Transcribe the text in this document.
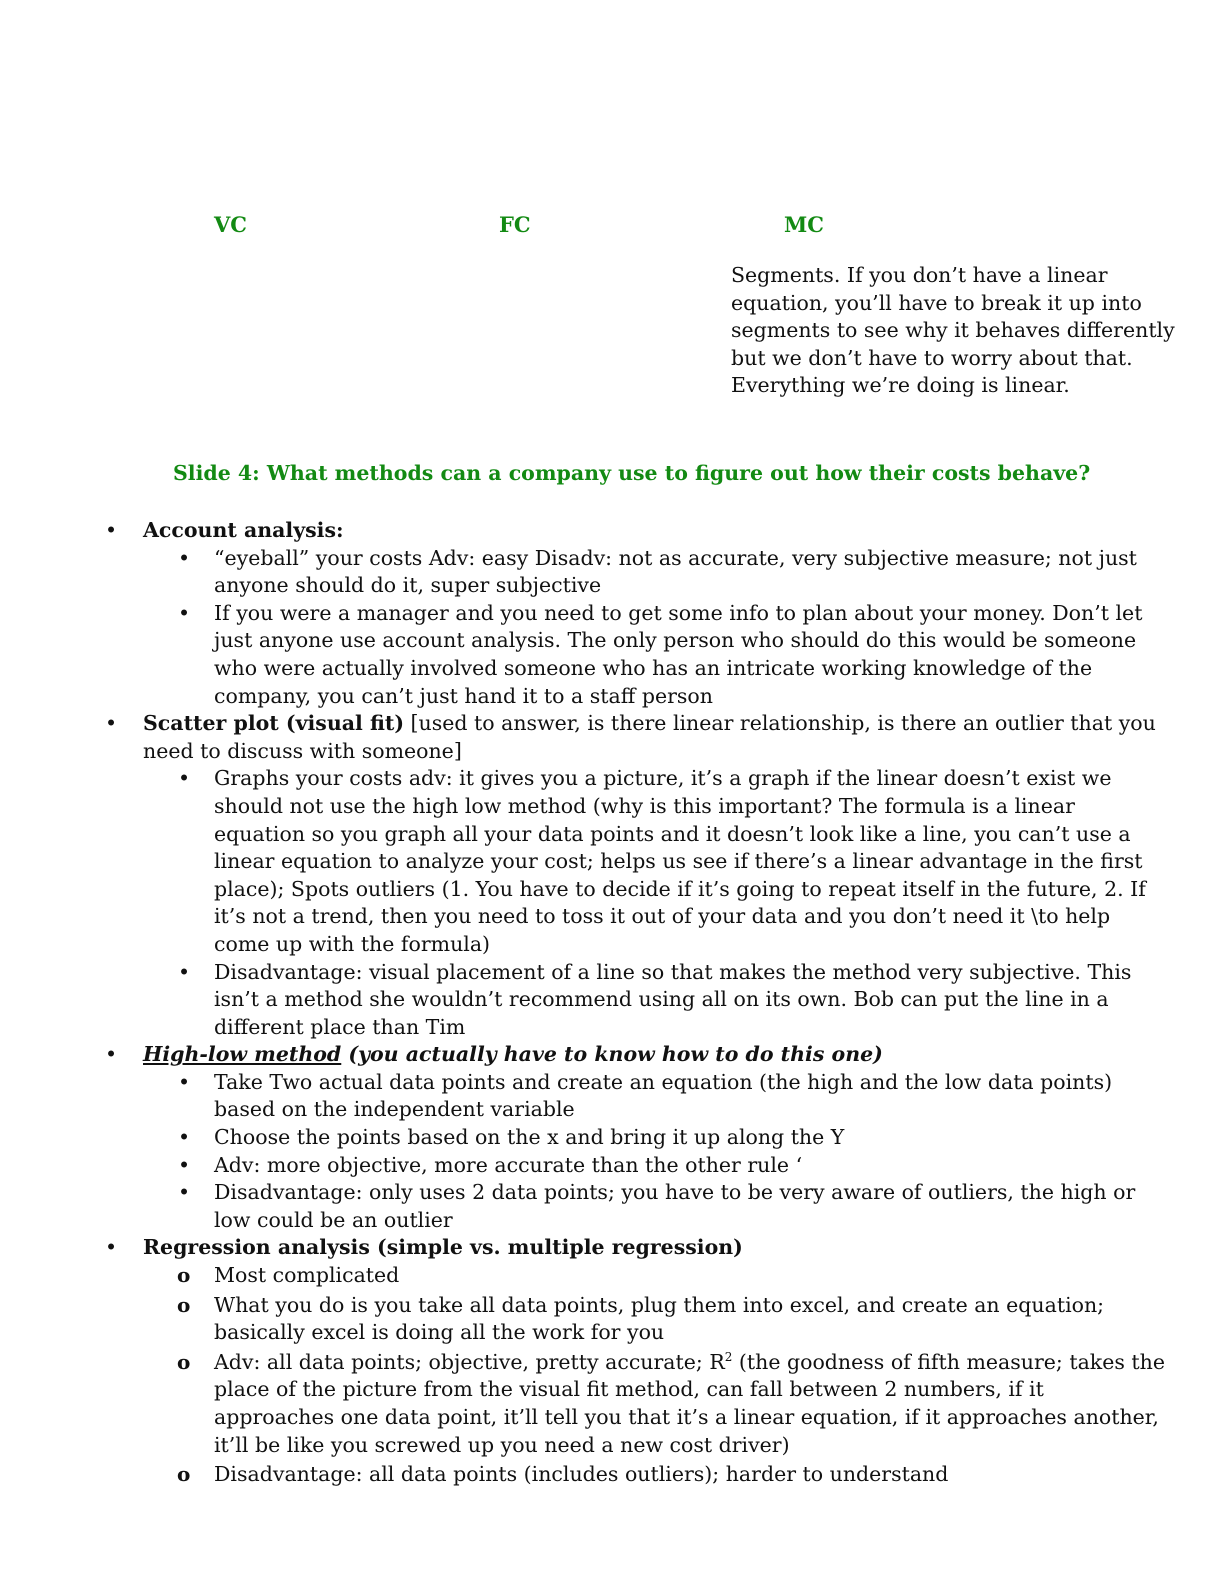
VC	FC	MC
Segments. If you don’t have a linear equation, you’ll have to break it up into segments to see why it behaves differently but we don’t have to worry about that. Everything we’re doing is linear.
Slide 4: What methods can a company use to figure out how their costs behave?
•	Account analysis:
•	“eyeball” your costs Adv: easy Disadv: not as accurate, very subjective measure; not just anyone should do it, super subjective
•	If you were a manager and you need to get some info to plan about your money. Don’t let just anyone use account analysis. The only person who should do this would be someone who were actually involved someone who has an intricate working knowledge of the company, you can’t just hand it to a staff person
•	Scatter plot (visual fit) [used to answer, is there linear relationship, is there an outlier that you need to discuss with someone]
•	Graphs your costs adv: it gives you a picture, it’s a graph if the linear doesn’t exist we should not use the high low method (why is this important? The formula is a linear equation so you graph all your data points and it doesn’t look like a line, you can’t use a linear equation to analyze your cost; helps us see if there’s a linear advantage in the first place); Spots outliers (1. You have to decide if it’s going to repeat itself in the future, 2. If it’s not a trend, then you need to toss it out of your data and you don’t need it \to help come up with the formula)
•	Disadvantage: visual placement of a line so that makes the method very subjective. This isn’t a method she wouldn’t recommend using all on its own. Bob can put the line in a different place than Tim
•	High-low method (you actually have to know how to do this one)
•	Take Two actual data points and create an equation (the high and the low data points) based on the independent variable
•	Choose the points based on the x and bring it up along the Y
•	Adv: more objective, more accurate than the other rule ‘
•	Disadvantage: only uses 2 data points; you have to be very aware of outliers, the high or low could be an outlier
•	Regression analysis (simple vs. multiple regression)
o Most complicated
o What you do is you take all data points, plug them into excel, and create an equation; basically excel is doing all the work for you
o Adv: all data points; objective, pretty accurate; $R^2$ (the goodness of fifth measure; takes the place of the picture from the visual fit method, can fall between 2 numbers, if it approaches one data point, it’ll tell you that it’s a linear equation, if it approaches another, it’ll be like you screwed up you need a new cost driver)
o Disadvantage: all data points (includes outliers); harder to understand
